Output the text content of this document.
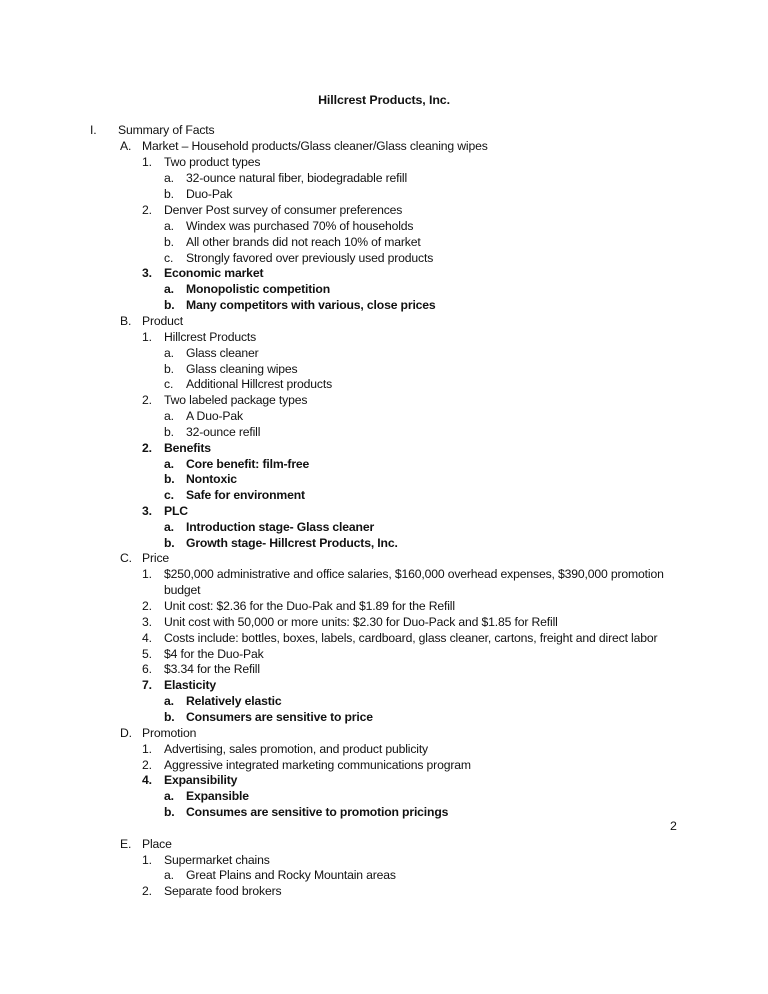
Hillcrest Products, Inc.
I. Summary of Facts
A. Market – Household products/Glass cleaner/Glass cleaning wipes
1. Two product types
a. 32-ounce natural fiber, biodegradable refill
b. Duo-Pak
2. Denver Post survey of consumer preferences
a. Windex was purchased 70% of households
b. All other brands did not reach 10% of market
c. Strongly favored over previously used products
3. Economic market
a. Monopolistic competition
b. Many competitors with various, close prices
B. Product
1. Hillcrest Products
a. Glass cleaner
b. Glass cleaning wipes
c. Additional Hillcrest products
2. Two labeled package types
a. A Duo-Pak
b. 32-ounce refill
2. Benefits
a. Core benefit: film-free
b. Nontoxic
c. Safe for environment
3. PLC
a. Introduction stage- Glass cleaner
b. Growth stage- Hillcrest Products, Inc.
C. Price
1. $250,000 administrative and office salaries, $160,000 overhead expenses, $390,000 promotion
budget
2. Unit cost: $2.36 for the Duo-Pak and $1.89 for the Refill
3. Unit cost with 50,000 or more units: $2.30 for Duo-Pack and $1.85 for Refill
4. Costs include: bottles, boxes, labels, cardboard, glass cleaner, cartons, freight and direct labor
5. $4 for the Duo-Pak
6. $3.34 for the Refill
7. Elasticity
a. Relatively elastic
b. Consumers are sensitive to price
D. Promotion
1. Advertising, sales promotion, and product publicity
2. Aggressive integrated marketing communications program
4. Expansibility
a. Expansible
b. Consumes are sensitive to promotion pricings
E. Place
1. Supermarket chains
a. Great Plains and Rocky Mountain areas
2. Separate food brokers
2
